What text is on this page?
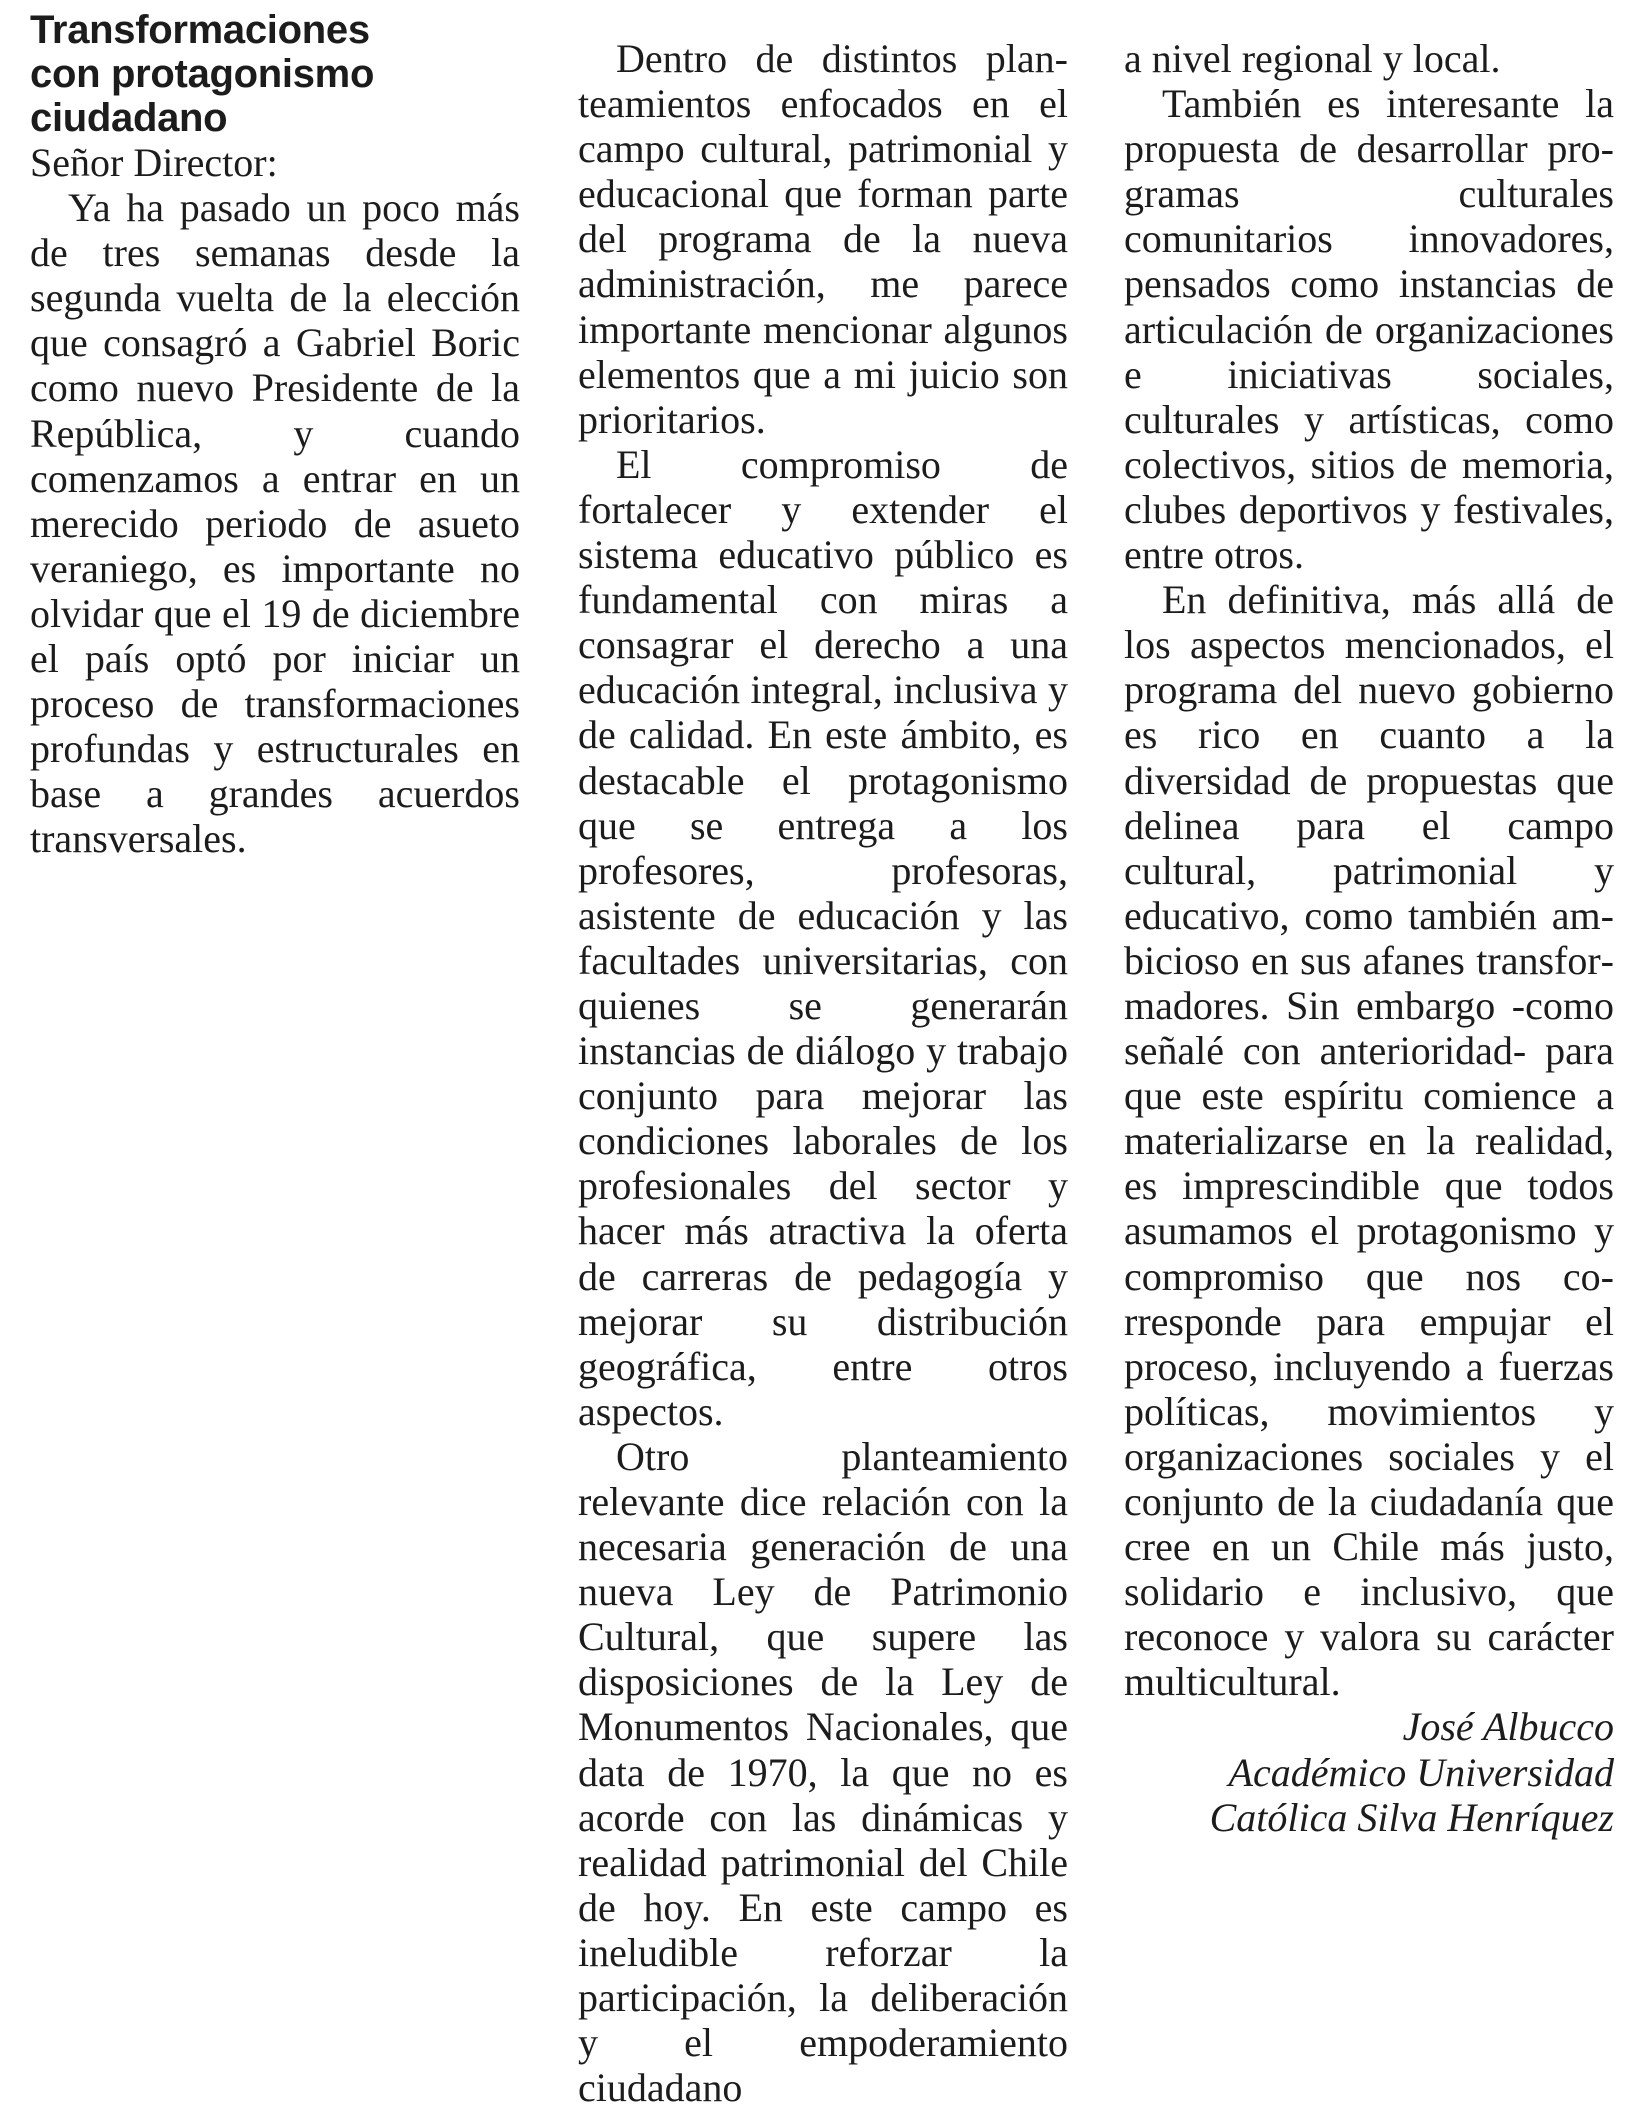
Transformaciones
con protagonismo
ciudadano

Señor Director:

Ya ha pasado un poco más de tres semanas desde la segunda vuelta de la elección que consagró a Gabriel Boric como nuevo Presidente de la República, y cuando comenzamos a entrar en un merecido periodo de asueto veraniego, es importante no olvidar que el 19 de diciembre el país optó por iniciar un proceso de transformaciones profundas y estructurales en base a grandes acuerdos transversales.

Dentro de distintos planteamientos enfocados en el campo cultural, patrimonial y educacional que forman parte del programa de la nueva administración, me parece importante mencionar algunos elementos que a mi juicio son prioritarios.

El compromiso de fortalecer y extender el sistema educativo público es fundamental con miras a consagrar el derecho a una educación integral, inclusiva y de calidad. En este ámbito, es destacable el protagonismo que se entrega a los profesores, profesoras, asistente de educación y las facultades universitarias, con quienes se generarán instancias de diálogo y trabajo conjunto para mejorar las condiciones laborales de los profesionales del sector y hacer más atractiva la oferta de carreras de pedagogía y mejorar su distribución geográfica, entre otros aspectos.

Otro planteamiento relevante dice relación con la necesaria generación de una nueva Ley de Patrimonio Cultural, que supere las disposiciones de la Ley de Monumentos Nacionales, que data de 1970, la que no es acorde con las dinámicas y realidad patrimonial del Chile de hoy. En este campo es ineludible reforzar la participación, la deliberación y el empoderamiento ciudadano

a nivel regional y local.

También es interesante la propuesta de desarrollar programas culturales comunitarios innovadores, pensados como instancias de articulación de organizaciones e iniciativas sociales, culturales y artísticas, como colectivos, sitios de memoria, clubes deportivos y festivales, entre otros.

En definitiva, más allá de los aspectos mencionados, el programa del nuevo gobierno es rico en cuanto a la diversidad de propuestas que delinea para el campo cultural, patrimonial y educativo, como también ambicioso en sus afanes transformadores. Sin embargo -como señalé con anterioridad- para que este espíritu comience a materializarse en la realidad, es imprescindible que todos asumamos el protagonismo y compromiso que nos corresponde para empujar el proceso, incluyendo a fuerzas políticas, movimientos y organizaciones sociales y el conjunto de la ciudadanía que cree en un Chile más justo, solidario e inclusivo, que reconoce y valora su carácter multicultural.

José Albucco
Académico Universidad
Católica Silva Henríquez
